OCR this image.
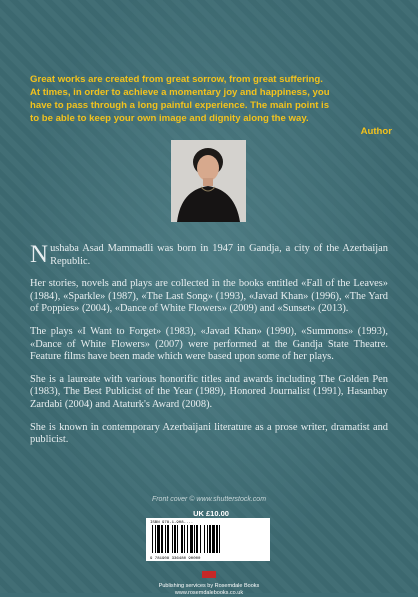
Great works are created from great sorrow, from great suffering.
At times, in order to achieve a momentary joy and happiness, you
have to pass through a long painful experience. The main point is
to be able to keep your own image and dignity along the way.
Author

Nushaba Asad Mammadli was born in 1947 in Gandja, a city of the Azerbaijan Republic.

Her stories, novels and plays are collected in the books entitled «Fall of the Leaves» (1984), «Sparkle» (1987), «The Last Song» (1993), «Javad Khan» (1996), «The Yard of Poppies» (2004), «Dance of White Flowers» (2009) and «Sunset» (2013).

The plays «I Want to Forget» (1983), «Javad Khan» (1990), «Summons» (1993), «Dance of White Flowers» (2007) were performed at the Gandja State Theatre. Feature films have been made which were based upon some of her plays.

She is a laureate with various honorific titles and awards including The Golden Pen (1983), The Best Publicist of the Year (1989), Honored Journalist (1991), Hasanbay Zardabi (2004) and Ataturk's Award (2008).

She is known in contemporary Azerbaijani literature as a prose writer, dramatist and publicist.

Front cover © www.shutterstock.com
UK £10.00
ISBN 978-1-908-...
9 781908 336480 90000
Publishing services by Rosemdale Books
www.rosemdalebooks.co.uk
